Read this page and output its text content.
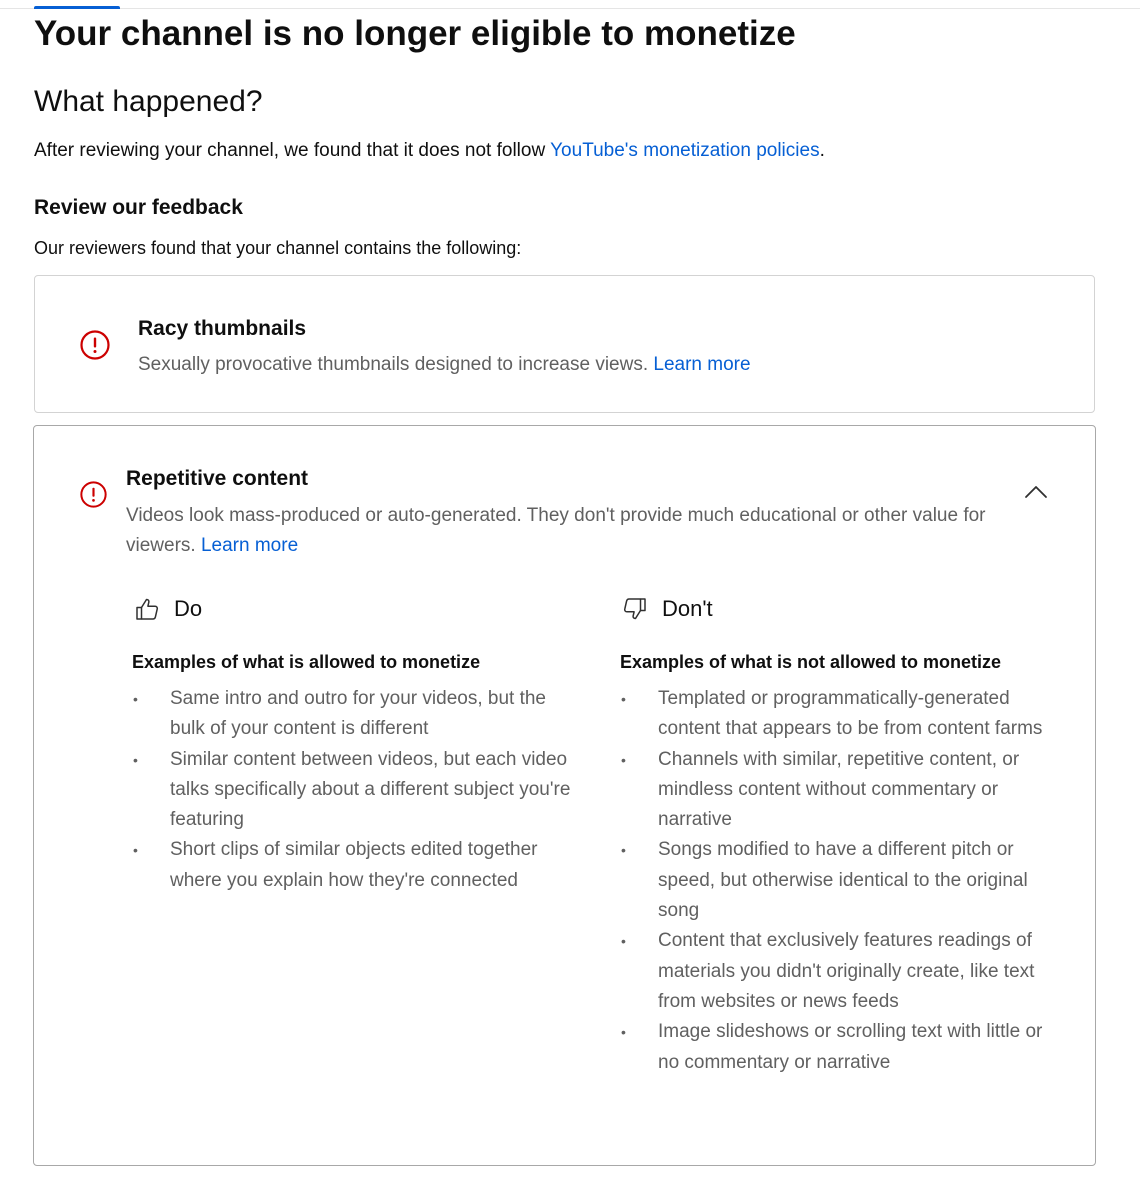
Your channel is no longer eligible to monetize
What happened?

After reviewing your channel, we found that it does not follow YouTube's monetization policies.

Review our feedback

Our reviewers found that your channel contains the following:

Racy thumbnails

Sexually provocative thumbnails designed to increase views. Learn more

Repetitive content

Videos look mass-produced or auto-generated. They don't provide much educational or other value for viewers. Learn more

Do

Examples of what is allowed to monetize

• Same intro and outro for your videos, but the bulk of your content is different
• Similar content between videos, but each video talks specifically about a different subject you're featuring
• Short clips of similar objects edited together where you explain how they're connected
Don't

Examples of what is not allowed to monetize

• Templated or programmatically-generated content that appears to be from content farms
• Channels with similar, repetitive content, or mindless content without commentary or narrative
• Songs modified to have a different pitch or speed, but otherwise identical to the original song
• Content that exclusively features readings of materials you didn't originally create, like text from websites or news feeds
• Image slideshows or scrolling text with little or no commentary or narrative
